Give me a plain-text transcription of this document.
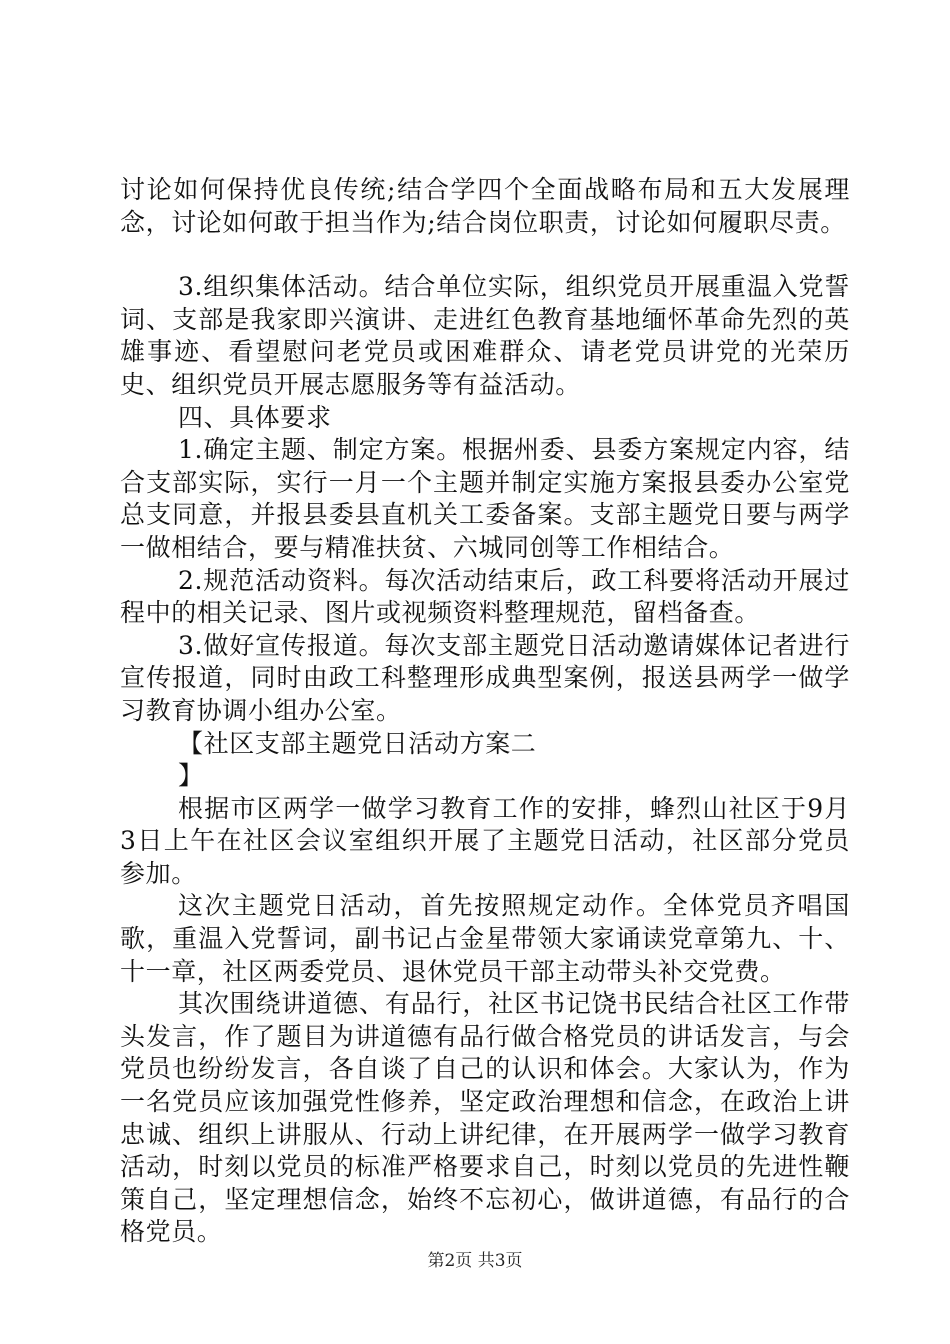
讨论如何保持优良传统;结合学四个全面战略布局和五大发展理念，讨论如何敢于担当作为;结合岗位职责，讨论如何履职尽责。

3.组织集体活动。结合单位实际，组织党员开展重温入党誓词、支部是我家即兴演讲、走进红色教育基地缅怀革命先烈的英雄事迹、看望慰问老党员或困难群众、请老党员讲党的光荣历史、组织党员开展志愿服务等有益活动。

四、具体要求

1.确定主题、制定方案。根据州委、县委方案规定内容，结合支部实际，实行一月一个主题并制定实施方案报县委办公室党总支同意，并报县委县直机关工委备案。支部主题党日要与两学一做相结合，要与精准扶贫、六城同创等工作相结合。

2.规范活动资料。每次活动结束后，政工科要将活动开展过程中的相关记录、图片或视频资料整理规范，留档备查。

3.做好宣传报道。每次支部主题党日活动邀请媒体记者进行宣传报道，同时由政工科整理形成典型案例，报送县两学一做学习教育协调小组办公室。

【社区支部主题党日活动方案二

】

根据市区两学一做学习教育工作的安排，蜂烈山社区于9月3日上午在社区会议室组织开展了主题党日活动，社区部分党员参加。

这次主题党日活动，首先按照规定动作。全体党员齐唱国歌，重温入党誓词，副书记占金星带领大家诵读党章第九、十、十一章，社区两委党员、退休党员干部主动带头补交党费。

其次围绕讲道德、有品行，社区书记饶书民结合社区工作带头发言，作了题目为讲道德有品行做合格党员的讲话发言，与会党员也纷纷发言，各自谈了自己的认识和体会。大家认为，作为一名党员应该加强党性修养，坚定政治理想和信念，在政治上讲忠诚、组织上讲服从、行动上讲纪律，在开展两学一做学习教育活动，时刻以党员的标准严格要求自己，时刻以党员的先进性鞭策自己，坚定理想信念，始终不忘初心，做讲道德，有品行的合格党员。

第2页 共3页
